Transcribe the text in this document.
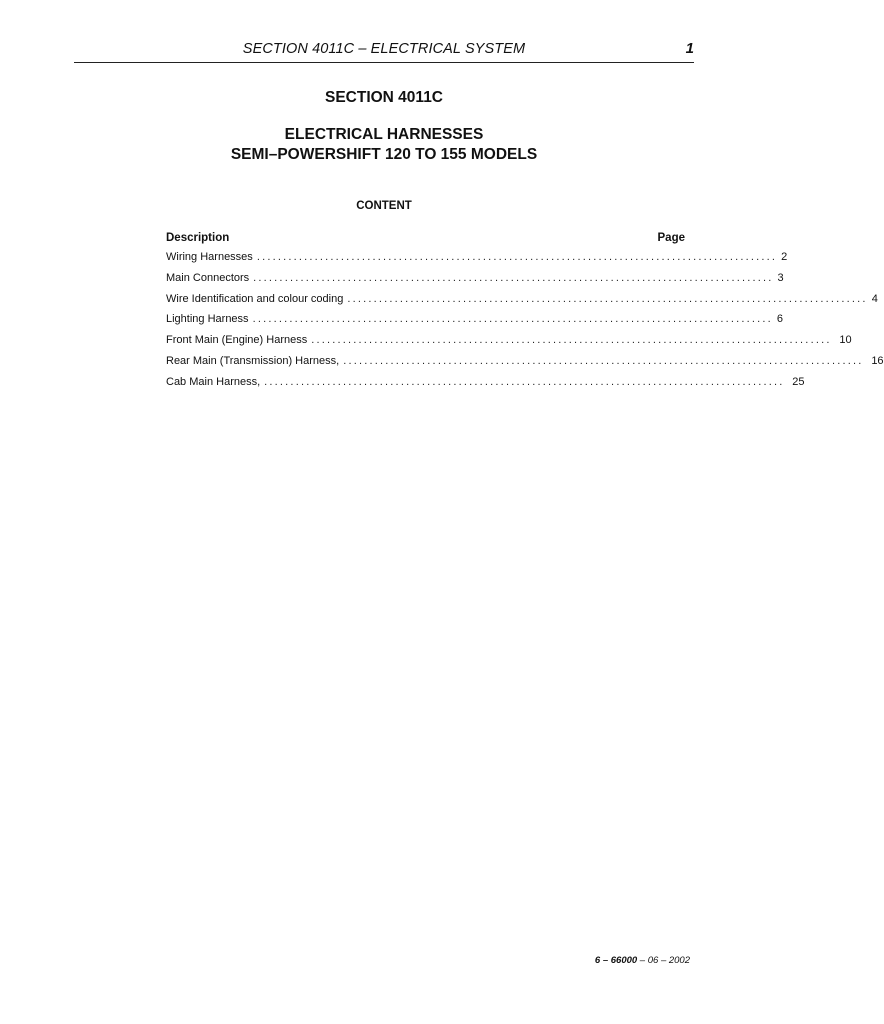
SECTION 4011C – ELECTRICAL SYSTEM	1
SECTION 4011C
ELECTRICAL HARNESSES
SEMI–POWERSHIFT 120 TO 155 MODELS
CONTENT
Description	Page
Wiring Harnesses ................................................................................................... 2
Main Connectors ................................................................................................... 3
Wire Identification and colour coding ................................................................................................... 4
Lighting Harness ................................................................................................... 6
Front Main (Engine) Harness ................................................................................................... 10
Rear Main (Transmission) Harness, ................................................................................................... 16
Cab Main Harness, ................................................................................................... 25
6 – 66000 – 06 – 2002
